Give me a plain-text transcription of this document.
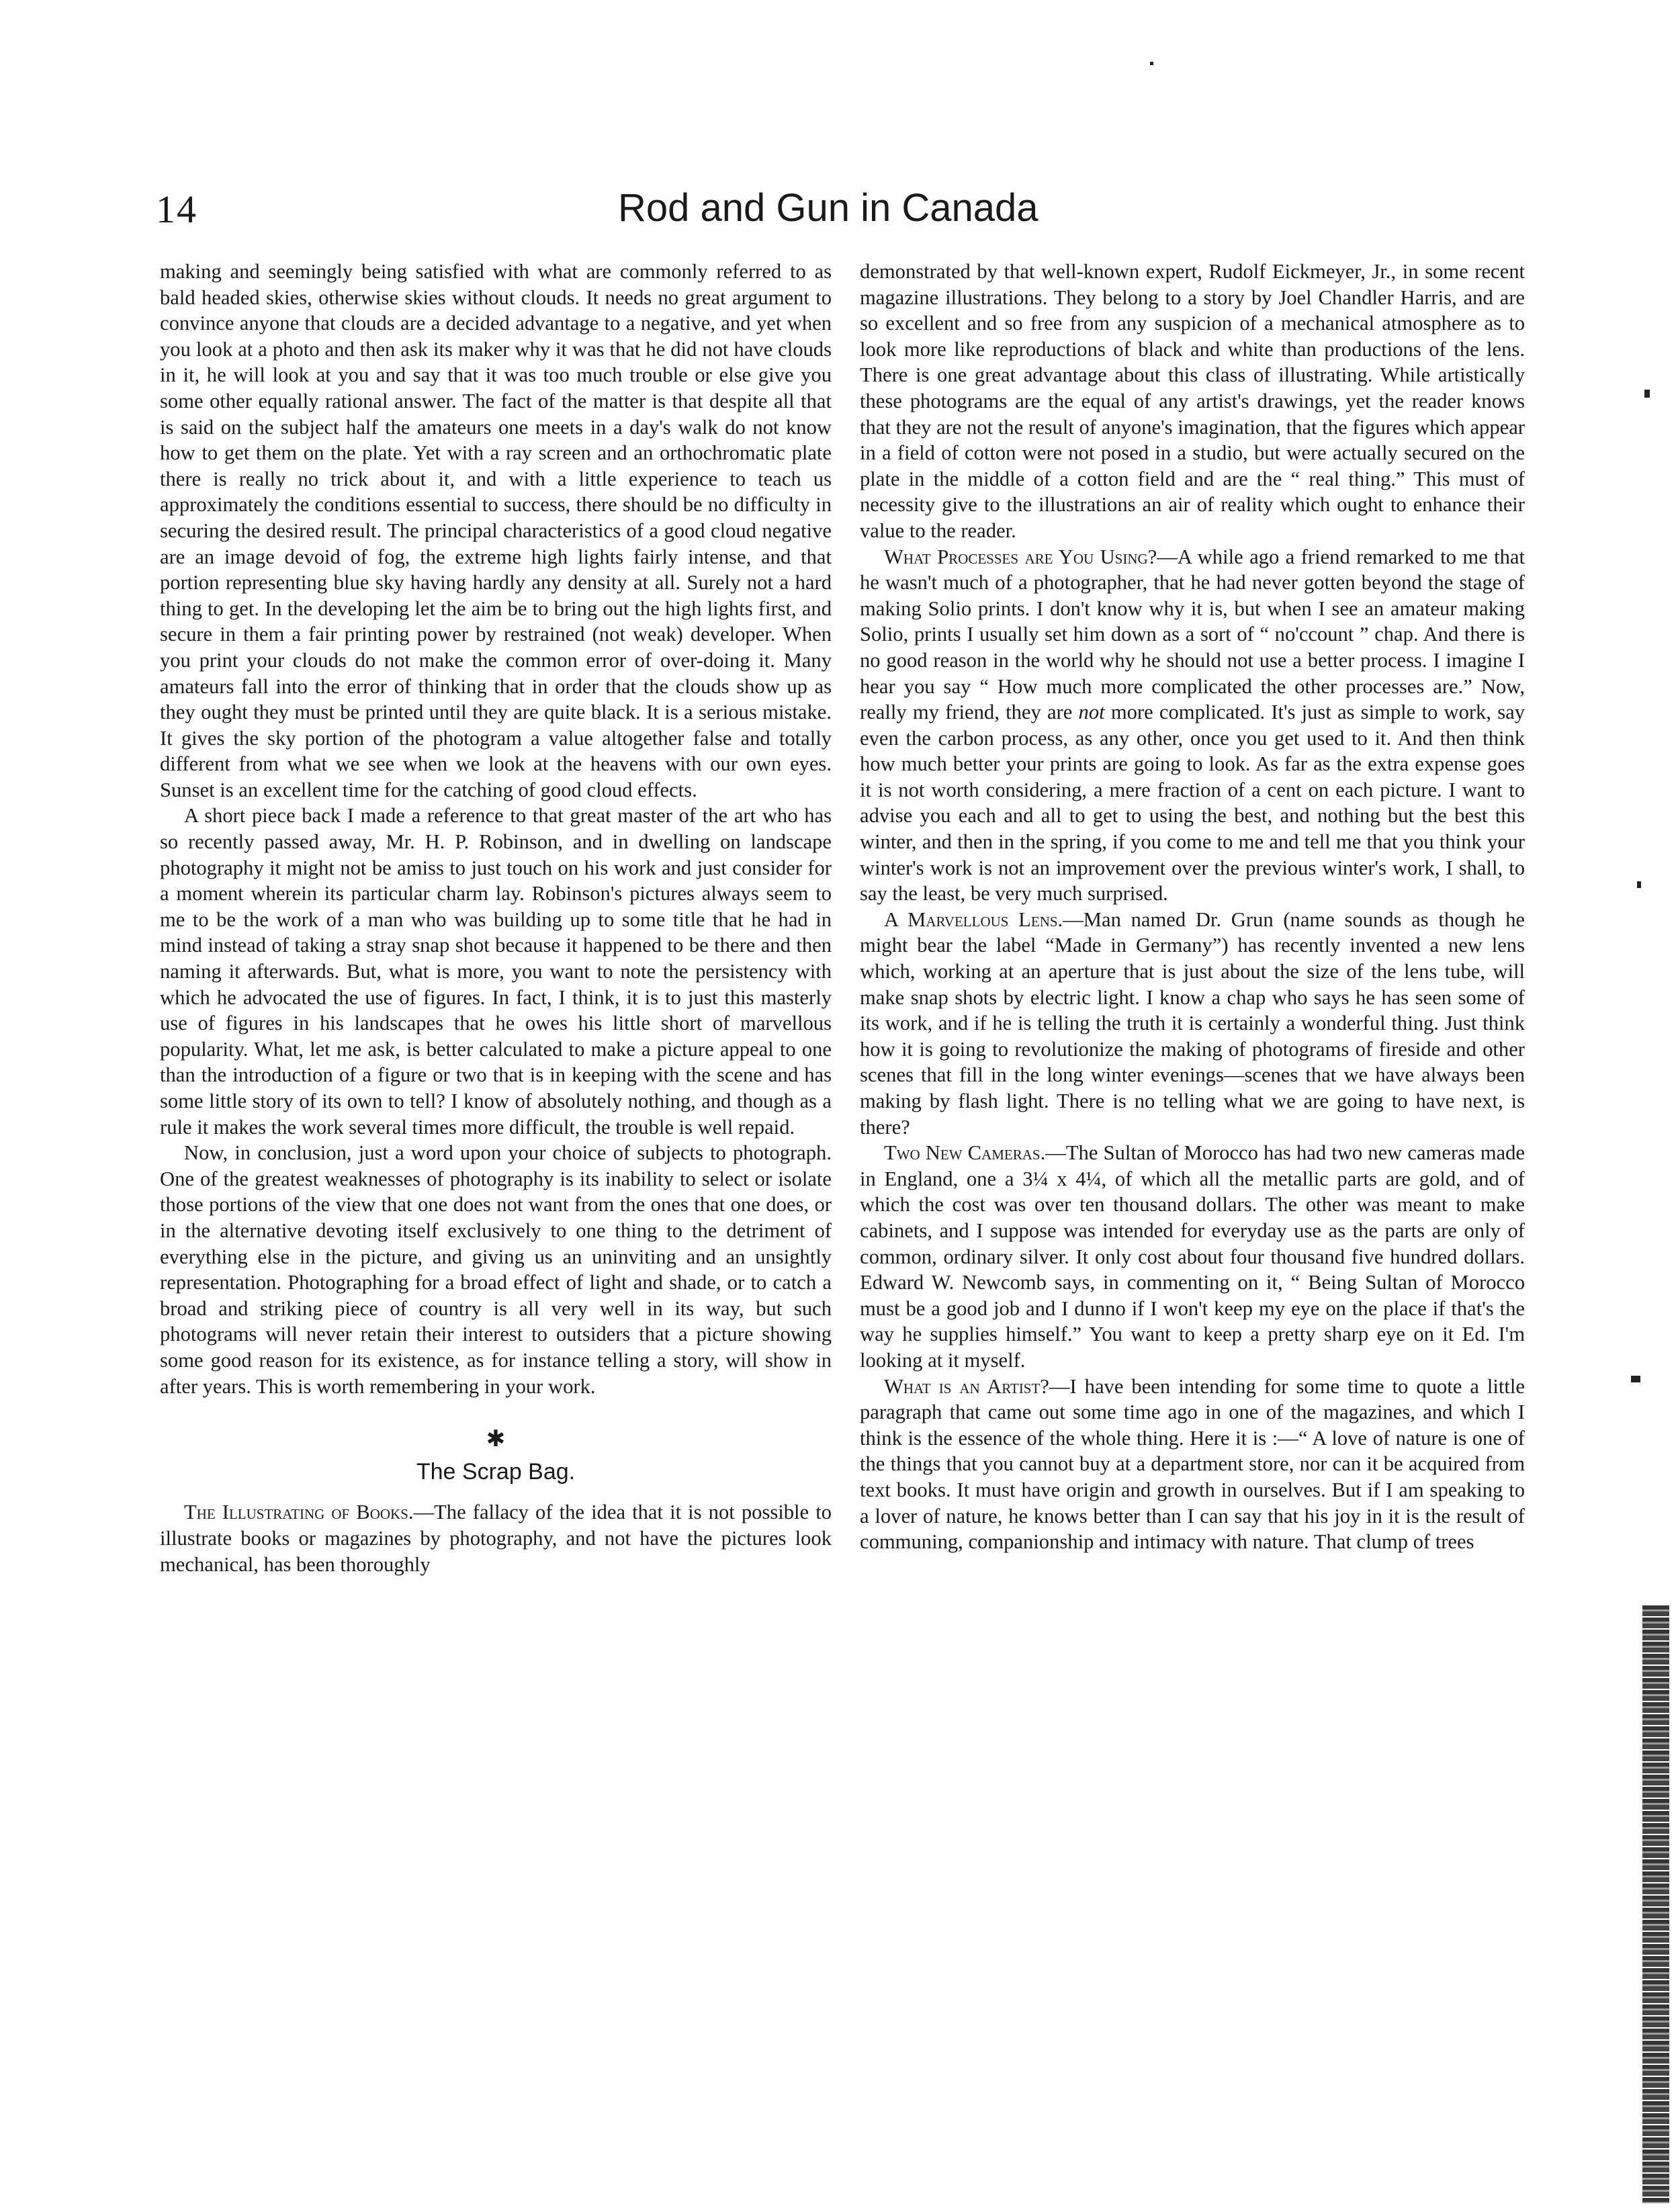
14	Rod and Gun in Canada

making and seemingly being satisfied with what are commonly referred to as bald headed skies, otherwise skies without clouds. It needs no great argument to convince anyone that clouds are a decided advantage to a negative, and yet when you look at a photo and then ask its maker why it was that he did not have clouds in it, he will look at you and say that it was too much trouble or else give you some other equally rational answer. The fact of the matter is that despite all that is said on the subject half the amateurs one meets in a day's walk do not know how to get them on the plate. Yet with a ray screen and an orthochromatic plate there is really no trick about it, and with a little experience to teach us approximately the conditions essential to success, there should be no difficulty in securing the desired result. The principal characteristics of a good cloud negative are an image devoid of fog, the extreme high lights fairly intense, and that portion representing blue sky having hardly any density at all. Surely not a hard thing to get. In the developing let the aim be to bring out the high lights first, and secure in them a fair printing power by restrained (not weak) developer. When you print your clouds do not make the common error of over-doing it. Many amateurs fall into the error of thinking that in order that the clouds show up as they ought they must be printed until they are quite black. It is a serious mistake. It gives the sky portion of the photogram a value altogether false and totally different from what we see when we look at the heavens with our own eyes. Sunset is an excellent time for the catching of good cloud effects.

A short piece back I made a reference to that great master of the art who has so recently passed away, Mr. H. P. Robinson, and in dwelling on landscape photography it might not be amiss to just touch on his work and just consider for a moment wherein its particular charm lay. Robinson's pictures always seem to me to be the work of a man who was building up to some title that he had in mind instead of taking a stray snap shot because it happened to be there and then naming it afterwards. But, what is more, you want to note the persistency with which he advocated the use of figures. In fact, I think, it is to just this masterly use of figures in his landscapes that he owes his little short of marvellous popularity. What, let me ask, is better calculated to make a picture appeal to one than the introduction of a figure or two that is in keeping with the scene and has some little story of its own to tell? I know of absolutely nothing, and though as a rule it makes the work several times more difficult, the trouble is well repaid.

Now, in conclusion, just a word upon your choice of subjects to photograph. One of the greatest weaknesses of photography is its inability to select or isolate those portions of the view that one does not want from the ones that one does, or in the alternative devoting itself exclusively to one thing to the detriment of everything else in the picture, and giving us an uninviting and an unsightly representation. Photographing for a broad effect of light and shade, or to catch a broad and striking piece of country is all very well in its way, but such photograms will never retain their interest to outsiders that a picture showing some good reason for its existence, as for instance telling a story, will show in after years. This is worth remembering in your work.

✱
The Scrap Bag.

The Illustrating of Books.—The fallacy of the idea that it is not possible to illustrate books or magazines by photography, and not have the pictures look mechanical, has been thoroughly

demonstrated by that well-known expert, Rudolf Eickmeyer, Jr., in some recent magazine illustrations. They belong to a story by Joel Chandler Harris, and are so excellent and so free from any suspicion of a mechanical atmosphere as to look more like reproductions of black and white than productions of the lens. There is one great advantage about this class of illustrating. While artistically these photograms are the equal of any artist's drawings, yet the reader knows that they are not the result of anyone's imagination, that the figures which appear in a field of cotton were not posed in a studio, but were actually secured on the plate in the middle of a cotton field and are the “ real thing.” This must of necessity give to the illustrations an air of reality which ought to enhance their value to the reader.

What Processes are You Using?—A while ago a friend remarked to me that he wasn't much of a photographer, that he had never gotten beyond the stage of making Solio prints. I don't know why it is, but when I see an amateur making Solio, prints I usually set him down as a sort of “ no'ccount ” chap. And there is no good reason in the world why he should not use a better process. I imagine I hear you say “ How much more complicated the other processes are.” Now, really my friend, they are not more complicated. It's just as simple to work, say even the carbon process, as any other, once you get used to it. And then think how much better your prints are going to look. As far as the extra expense goes it is not worth considering, a mere fraction of a cent on each picture. I want to advise you each and all to get to using the best, and nothing but the best this winter, and then in the spring, if you come to me and tell me that you think your winter's work is not an improvement over the previous winter's work, I shall, to say the least, be very much surprised.

A Marvellous Lens.—Man named Dr. Grun (name sounds as though he might bear the label “Made in Germany”) has recently invented a new lens which, working at an aperture that is just about the size of the lens tube, will make snap shots by electric light. I know a chap who says he has seen some of its work, and if he is telling the truth it is certainly a wonderful thing. Just think how it is going to revolutionize the making of photograms of fireside and other scenes that fill in the long winter evenings—scenes that we have always been making by flash light. There is no telling what we are going to have next, is there?

Two New Cameras.—The Sultan of Morocco has had two new cameras made in England, one a 3¼ x 4¼, of which all the metallic parts are gold, and of which the cost was over ten thousand dollars. The other was meant to make cabinets, and I suppose was intended for everyday use as the parts are only of common, ordinary silver. It only cost about four thousand five hundred dollars. Edward W. Newcomb says, in commenting on it, “ Being Sultan of Morocco must be a good job and I dunno if I won't keep my eye on the place if that's the way he supplies himself.” You want to keep a pretty sharp eye on it Ed. I'm looking at it myself.

What is an Artist?—I have been intending for some time to quote a little paragraph that came out some time ago in one of the magazines, and which I think is the essence of the whole thing. Here it is :—“ A love of nature is one of the things that you cannot buy at a department store, nor can it be acquired from text books. It must have origin and growth in ourselves. But if I am speaking to a lover of nature, he knows better than I can say that his joy in it is the result of communing, companionship and intimacy with nature. That clump of trees
